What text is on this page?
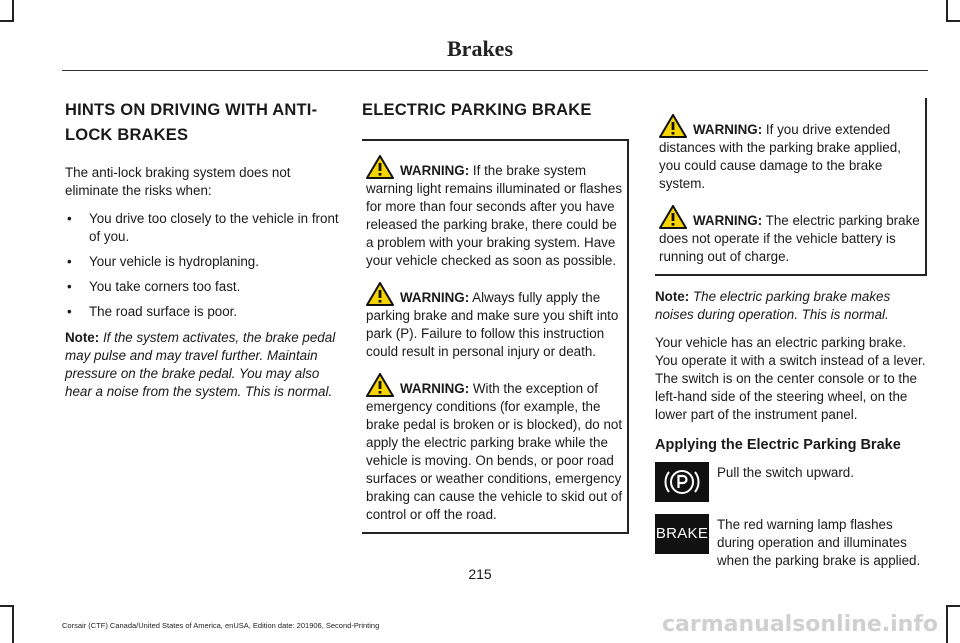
Brakes
HINTS ON DRIVING WITH ANTI-
LOCK BRAKES

The anti-lock braking system does not eliminate the risks when:

• You drive too closely to the vehicle in front of you.
• Your vehicle is hydroplaning.
• You take corners too fast.
• The road surface is poor.

Note: If the system activates, the brake pedal may pulse and may travel further. Maintain pressure on the brake pedal. You may also hear a noise from the system. This is normal.

ELECTRIC PARKING BRAKE
WARNING: If the brake system warning light remains illuminated or flashes for more than four seconds after you have released the parking brake, there could be a problem with your braking system. Have your vehicle checked as soon as possible.
WARNING: Always fully apply the parking brake and make sure you shift into park (P). Failure to follow this instruction could result in personal injury or death.
WARNING: With the exception of emergency conditions (for example, the brake pedal is broken or is blocked), do not apply the electric parking brake while the vehicle is moving. On bends, or poor road surfaces or weather conditions, emergency braking can cause the vehicle to skid out of control or off the road.
WARNING: If you drive extended distances with the parking brake applied, you could cause damage to the brake system.
WARNING: The electric parking brake does not operate if the vehicle battery is running out of charge.

Note: The electric parking brake makes noises during operation. This is normal.

Your vehicle has an electric parking brake. You operate it with a switch instead of a lever. The switch is on the center console or to the left-hand side of the steering wheel, on the lower part of the instrument panel.

Applying the Electric Parking Brake
Pull the switch upward.
BRAKE
The red warning lamp flashes during operation and illuminates when the parking brake is applied.
215
Corsair (CTF) Canada/United States of America, enUSA, Edition date: 201906, Second-Printing	carmanualsonline.info
